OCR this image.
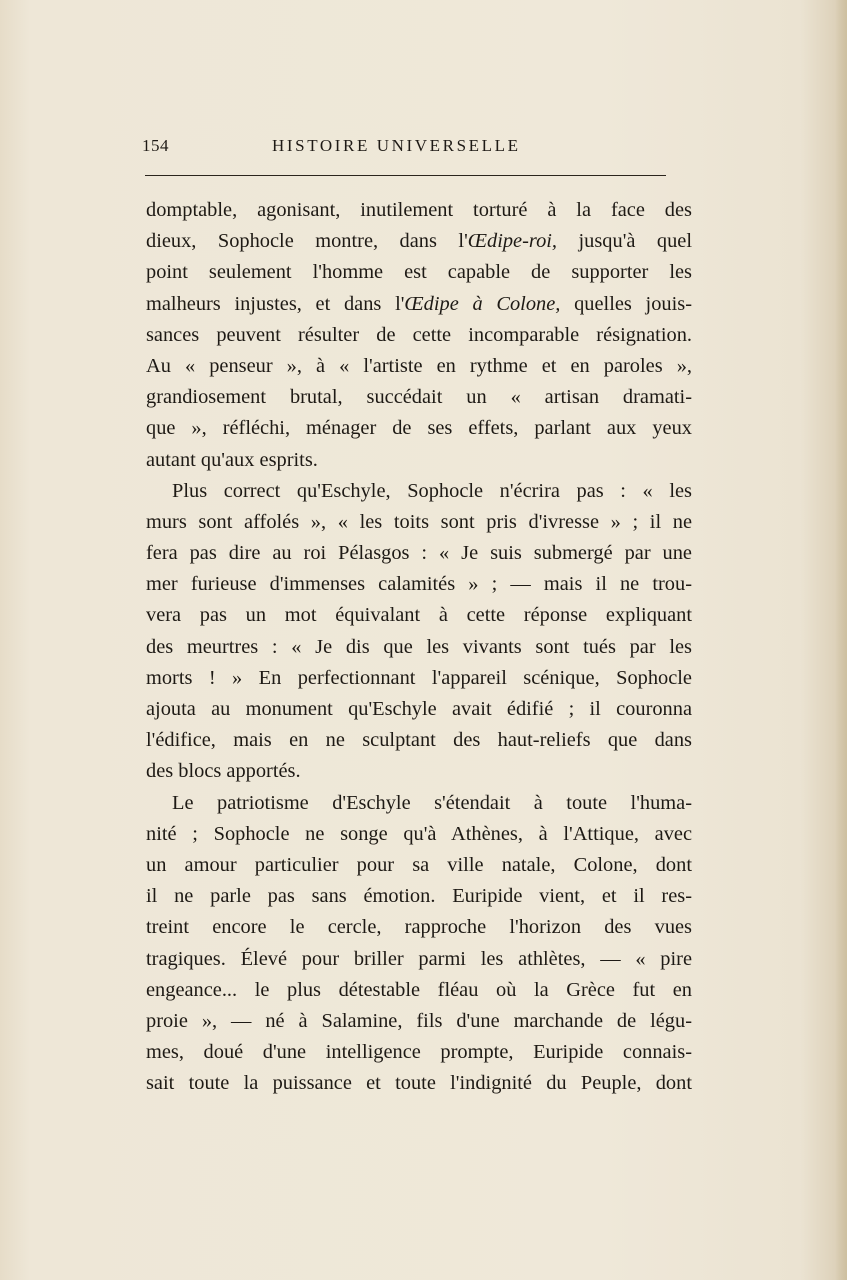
154	HISTOIRE UNIVERSELLE
domptable, agonisant, inutilement torturé à la face des
dieux, Sophocle montre, dans l'Œdipe-roi, jusqu'à quel
point seulement l'homme est capable de supporter les
malheurs injustes, et dans l'Œdipe à Colone, quelles jouis-
sances peuvent résulter de cette incomparable résignation.
Au « penseur », à « l'artiste en rythme et en paroles »,
grandiosement brutal, succédait un « artisan dramati-
que », réfléchi, ménager de ses effets, parlant aux yeux
autant qu'aux esprits.
Plus correct qu'Eschyle, Sophocle n'écrira pas : « les
murs sont affolés », « les toits sont pris d'ivresse » ; il ne
fera pas dire au roi Pélasgos : « Je suis submergé par une
mer furieuse d'immenses calamités » ; — mais il ne trou-
vera pas un mot équivalant à cette réponse expliquant
des meurtres : « Je dis que les vivants sont tués par les
morts ! » En perfectionnant l'appareil scénique, Sophocle
ajouta au monument qu'Eschyle avait édifié ; il couronna
l'édifice, mais en ne sculptant des haut-reliefs que dans
des blocs apportés.
Le patriotisme d'Eschyle s'étendait à toute l'huma-
nité ; Sophocle ne songe qu'à Athènes, à l'Attique, avec
un amour particulier pour sa ville natale, Colone, dont
il ne parle pas sans émotion. Euripide vient, et il res-
treint encore le cercle, rapproche l'horizon des vues
tragiques. Élevé pour briller parmi les athlètes, — « pire
engeance... le plus détestable fléau où la Grèce fut en
proie », — né à Salamine, fils d'une marchande de légu-
mes, doué d'une intelligence prompte, Euripide connais-
sait toute la puissance et toute l'indignité du Peuple, dont
